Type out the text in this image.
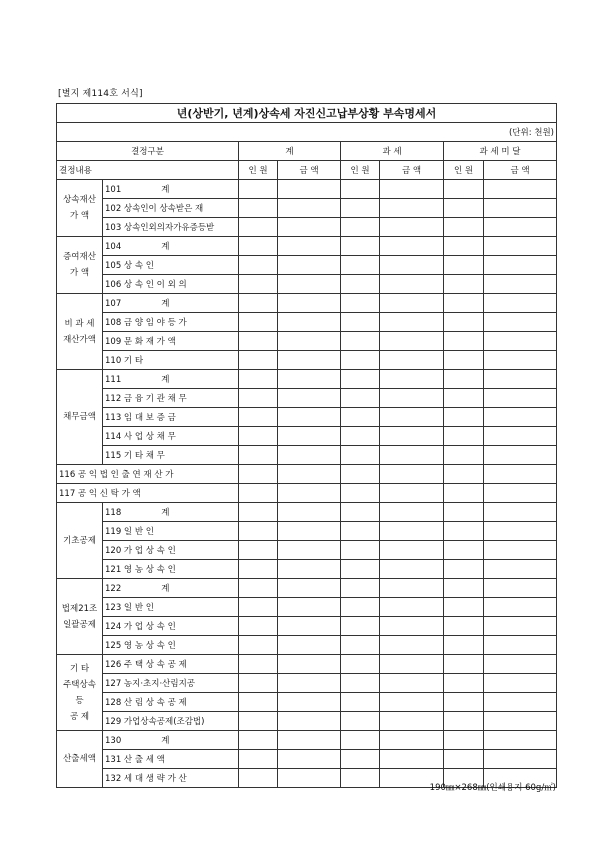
[별지 제114호 서식]
년(상반기, 년계)상속세 자진신고납부상황 부속명세서							
(단위: 천원)							
결정구분		계		과 세		과 세 미 달	
결정내용		인 원	금 액	인 원	금 액	인 원	금 액
상속재산
가 액	101 계						
	102 상속인이 상속받은 재						
	103 상속인외의자가유증등받						
증여재산
가 액	104 계						
	105 상 속 인						
	106 상 속 인 이 외 의						
비 과 세
재산가액	107 계						
	108 금 양 임 야 등 가						
	109 문 화 재 가 액						
	110 기 타						
채무금액	111 계						
	112 금 융 기 관 채 무						
	113 임 대 보 증 금						
	114 사 업 상 채 무						
	115 기 타 채 무						
116 공 익 법 인 출 연 재 산 가							
117 공 익 신 탁 가 액							
기초공제	118 계						
	119 일 반 인						
	120 가 업 상 속 인						
	121 영 농 상 속 인						
법제21조
일괄공제	122 계						
	123 일 반 인						
	124 가 업 상 속 인						
	125 영 농 상 속 인						
기 타
주택상속
등
공 제	126 주 택 상 속 공 제						
	127 농지·초지·산림지공						
	128 산 림 상 속 공 제						
	129 가업상속공제(조감법)						
산출세액	130 계						
	131 산 출 세 액						
	132 세 대 생 략 가 산						
190㎜×268㎜(인쇄용지 60g/㎡)
